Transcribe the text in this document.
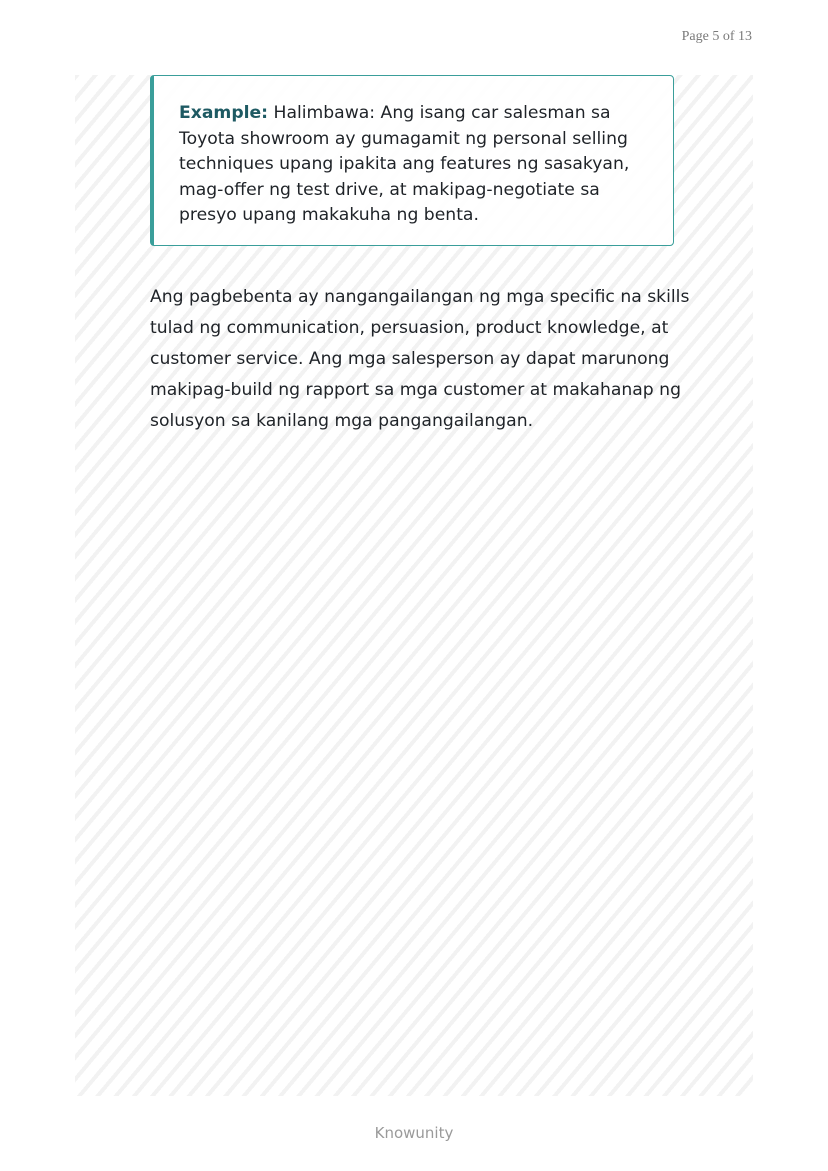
Page 5 of 13
Example: Halimbawa: Ang isang car salesman sa Toyota showroom ay gumagamit ng personal selling techniques upang ipakita ang features ng sasakyan, mag-offer ng test drive, at makipag-negotiate sa presyo upang makakuha ng benta.

Ang pagbebenta ay nangangailangan ng mga specific na skills tulad ng communication, persuasion, product knowledge, at customer service. Ang mga salesperson ay dapat marunong makipag-build ng rapport sa mga customer at makahanap ng solusyon sa kanilang mga pangangailangan.

Knowunity
